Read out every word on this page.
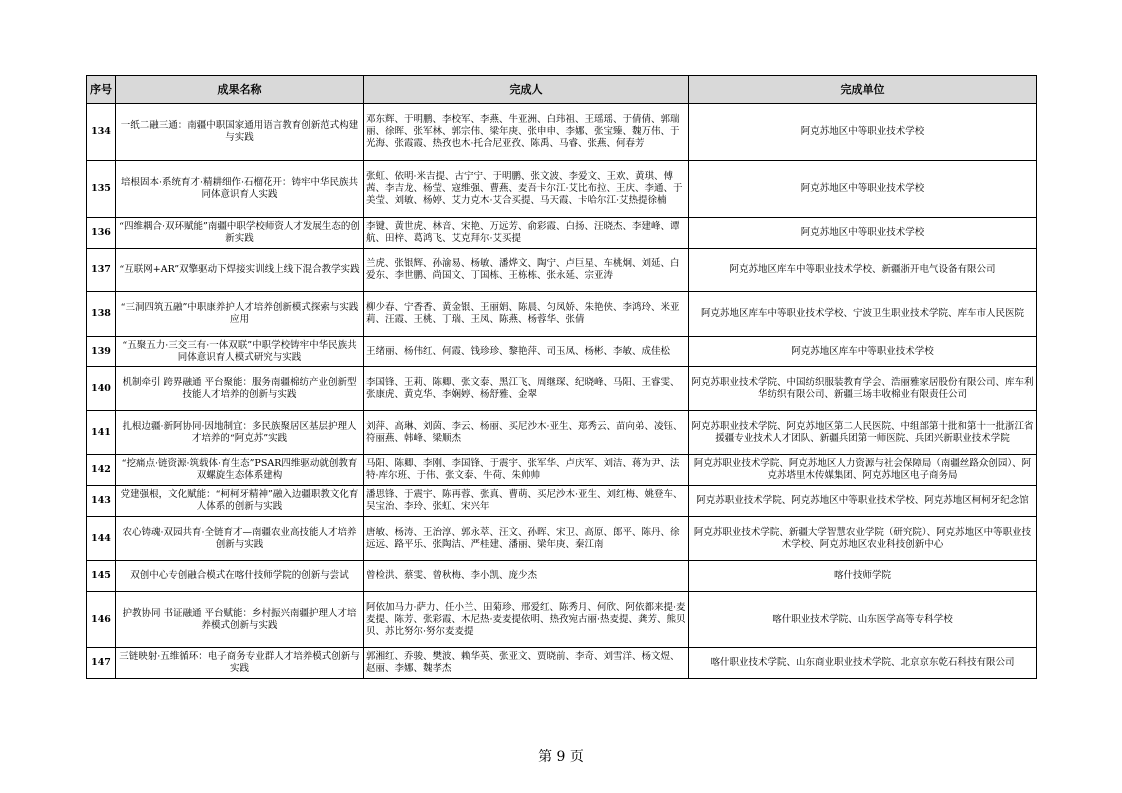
序号	成果名称	完成人	完成单位
134	一纸二融三通：南疆中职国家通用语言教育创新范式构建与实践	邓东辉、于明鹏、李校军、李燕、牛亚洲、白玮祖、王瑶瑶、于倩倩、郭瑞丽、徐晖、张军林、郭宗伟、梁年庚、张申申、李娜、张宝臻、魏万伟、于光海、张霞霞、热孜也木·托合尼亚孜、陈禹、马睿、张燕、何春芳	阿克苏地区中等职业技术学校
135	培根固本·系统育才·精耕细作·石榴花开：铸牢中华民族共同体意识育人实践	张虹、依明·米吉提、古宁宁、于明鹏、张文波、李爱文、王欢、黄琪、傅茜、李吉龙、杨莹、寇维强、曹燕、麦吾卡尔江·艾比布拉、王庆、李通、于美莹、刘敏、杨婷、艾力克木·艾合买提、马天霞、卡哈尔江·艾热提徐楠	阿克苏地区中等职业技术学校
136	“四维耦合·双环赋能”南疆中职学校师资人才发展生态的创新实践	李键、黄世虎、林音、宋艳、万远芳、俞彩霞、白扬、汪晓杰、李建峰、谭航、田梓、葛鸿飞、艾克拜尔·艾买提	阿克苏地区中等职业技术学校
137	“互联网+AR”双擎驱动下焊接实训线上线下混合教学实践	兰虎、张银辉、孙渝易、杨敏、潘烨文、陶宁、卢巨星、车桃炯、刘延、白爱东、李世鹏、尚国文、丁国栋、王栋栋、张永延、宗亚涛	阿克苏地区库车中等职业技术学校、新疆浙开电气设备有限公司
138	“三洞四筑五融”中职康养护人才培养创新模式探索与实践应用	柳少春、宁香香、黄金银、王丽娟、陈晨、匀凤娇、朱艳侠、李鸿玲、米亚莉、汪霞、王桃、丁瑞、王凤、陈燕、杨蓉华、张倩	阿克苏地区库车中等职业技术学校、宁波卫生职业技术学院、库车市人民医院
139	“五聚五力·三交三有·一体双联”中职学校铸牢中华民族共同体意识育人模式研究与实践	王绪丽、杨伟红、何霞、钱珍珍、黎艳萍、司玉凤、杨彬、李敏、成佳松	阿克苏地区库车中等职业技术学校
140	机制牵引 跨界融通 平台聚能：服务南疆棉纺产业创新型技能人才培养的创新与实践	李国锋、王莉、陈卿、张文泰、黑江飞、周继琛、纪晓峰、马阳、王睿雯、张康虎、黄克华、李娴婷、杨舒雅、金翠	阿克苏职业技术学院、中国纺织服装教育学会、浩丽雅家居股份有限公司、库车利华纺织有限公司、新疆三场丰收棉业有限责任公司
141	扎根边疆·新阿协同·因地制宜：多民族聚居区基层护理人才培养的“阿克苏”实践	刘萍、高琳、刘茵、李云、杨丽、买尼沙木·亚生、郑秀云、苗向弟、凌钰、符丽燕、韩峰、梁顺杰	阿克苏职业技术学院、阿克苏地区第二人民医院、中组部第十批和第十一批浙江省援疆专业技术人才团队、新疆兵团第一师医院、兵团兴新职业技术学院
142	“挖痛点·链资源·筑载体·育生态”PSAR四维驱动就创教育双螺旋生态体系建构	马阳、陈卿、李刚、李国锋、于震宇、张军华、卢庆军、刘洁、蒋为尹、法特·库尔班、于伟、张文泰、牛荷、朱帅帅	阿克苏职业技术学院、阿克苏地区人力资源与社会保障局（南疆丝路众创园）、阿克苏塔里木传媒集团、阿克苏地区电子商务局
143	党建强根，文化赋能：“柯柯牙精神”融入边疆职教文化育人体系的创新与实践	潘思锋、于震宇、陈再蓉、张真、曹萌、买尼沙木·亚生、刘红梅、姚登车、吴宝治、李玲、张虹、宋兴年	阿克苏职业技术学院、阿克苏地区中等职业技术学校、阿克苏地区柯柯牙纪念馆
144	农心铸魂·双园共育·全链育才—南疆农业高技能人才培养创新与实践	唐敏、杨涛、王治淳、郭永萃、汪文、孙晖、宋卫、高原、郎平、陈丹、徐远远、路平乐、张陶洁、严桂建、潘丽、梁年庚、秦江南	阿克苏职业技术学院、新疆大学智慧农业学院（研究院）、阿克苏地区中等职业技术学校、阿克苏地区农业科技创新中心
145	双创中心专创融合模式在喀什技师学院的创新与尝试	曾检洪、蔡雯、曾秋梅、李小凯、庞少杰	喀什技师学院
146	护教协同 书证融通 平台赋能：乡村振兴南疆护理人才培养模式创新与实践	阿依加马力·萨力、任小兰、田菊珍、邢爱红、陈秀月、何欣、阿依都来提·麦麦提、陈芳、张彩霞、木尼热·麦麦提依明、热孜宛古丽·热麦提、龚芳、熊贝贝、苏比努尔·努尔麦麦提	喀什职业技术学院、山东医学高等专科学校
147	三链映射·五维循环：电子商务专业群人才培养模式创新与实践	郭湘红、乔骏、樊波、赖华英、张亚文、贾晓前、李奇、刘雪洋、杨文煜、赵丽、李娜、魏孝杰	喀什职业技术学院、山东商业职业技术学院、北京京东乾石科技有限公司
第 9 页
